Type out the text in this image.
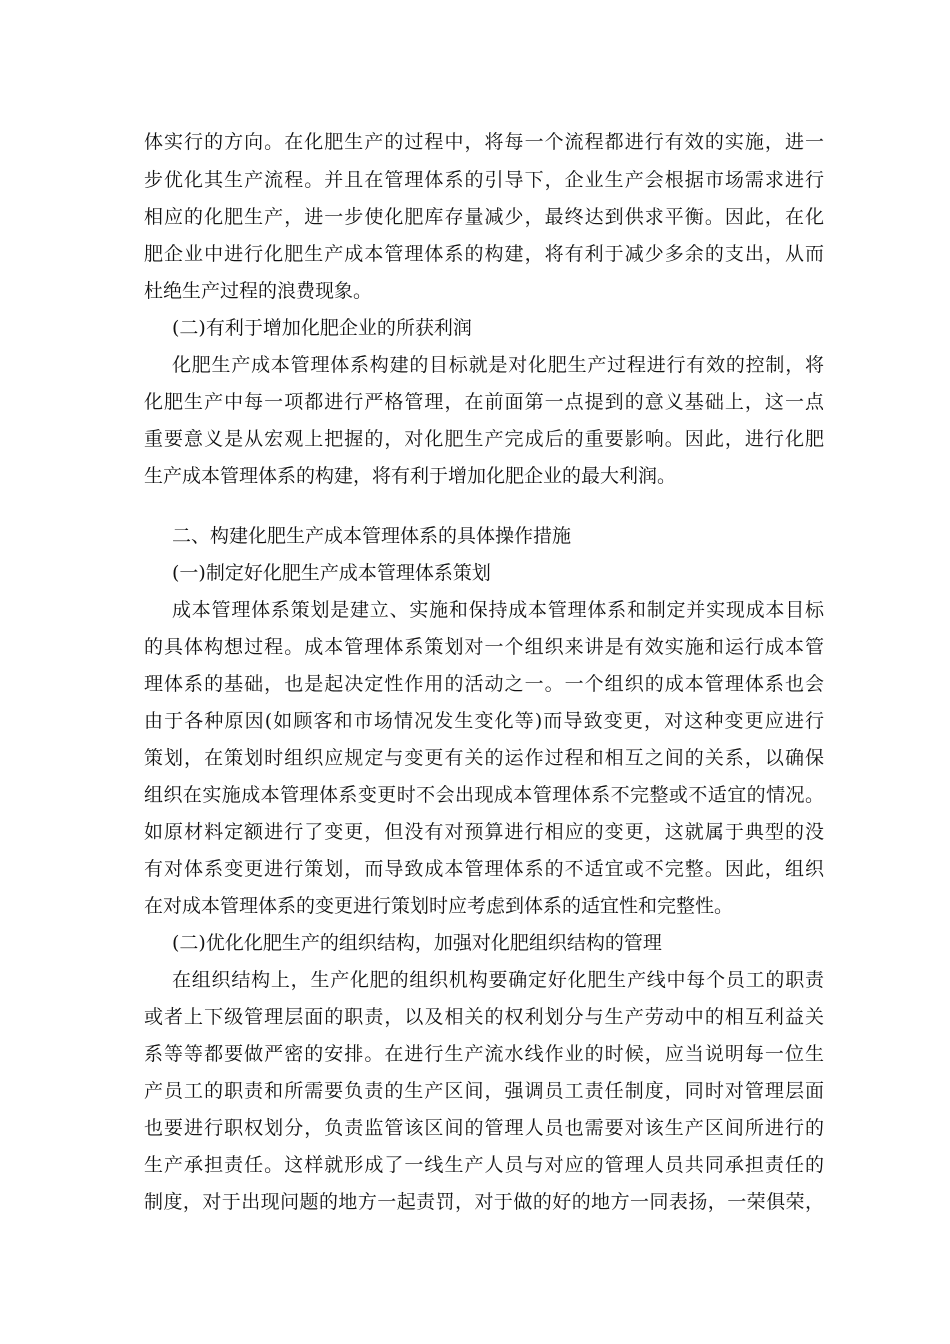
体实行的方向。在化肥生产的过程中，将每一个流程都进行有效的实施，进一
步优化其生产流程。并且在管理体系的引导下，企业生产会根据市场需求进行
相应的化肥生产，进一步使化肥库存量减少，最终达到供求平衡。因此，在化
肥企业中进行化肥生产成本管理体系的构建，将有利于减少多余的支出，从而
杜绝生产过程的浪费现象。
(二)有利于增加化肥企业的所获利润
化肥生产成本管理体系构建的目标就是对化肥生产过程进行有效的控制，将
化肥生产中每一项都进行严格管理，在前面第一点提到的意义基础上，这一点
重要意义是从宏观上把握的，对化肥生产完成后的重要影响。因此，进行化肥
生产成本管理体系的构建，将有利于增加化肥企业的最大利润。
二、构建化肥生产成本管理体系的具体操作措施
(一)制定好化肥生产成本管理体系策划
成本管理体系策划是建立、实施和保持成本管理体系和制定并实现成本目标
的具体构想过程。成本管理体系策划对一个组织来讲是有效实施和运行成本管
理体系的基础，也是起决定性作用的活动之一。一个组织的成本管理体系也会
由于各种原因(如顾客和市场情况发生变化等)而导致变更，对这种变更应进行
策划，在策划时组织应规定与变更有关的运作过程和相互之间的关系，以确保
组织在实施成本管理体系变更时不会出现成本管理体系不完整或不适宜的情况。
如原材料定额进行了变更，但没有对预算进行相应的变更，这就属于典型的没
有对体系变更进行策划，而导致成本管理体系的不适宜或不完整。因此，组织
在对成本管理体系的变更进行策划时应考虑到体系的适宜性和完整性。
(二)优化化肥生产的组织结构，加强对化肥组织结构的管理
在组织结构上，生产化肥的组织机构要确定好化肥生产线中每个员工的职责
或者上下级管理层面的职责，以及相关的权利划分与生产劳动中的相互利益关
系等等都要做严密的安排。在进行生产流水线作业的时候，应当说明每一位生
产员工的职责和所需要负责的生产区间，强调员工责任制度，同时对管理层面
也要进行职权划分，负责监管该区间的管理人员也需要对该生产区间所进行的
生产承担责任。这样就形成了一线生产人员与对应的管理人员共同承担责任的
制度，对于出现问题的地方一起责罚，对于做的好的地方一同表扬，一荣俱荣，
